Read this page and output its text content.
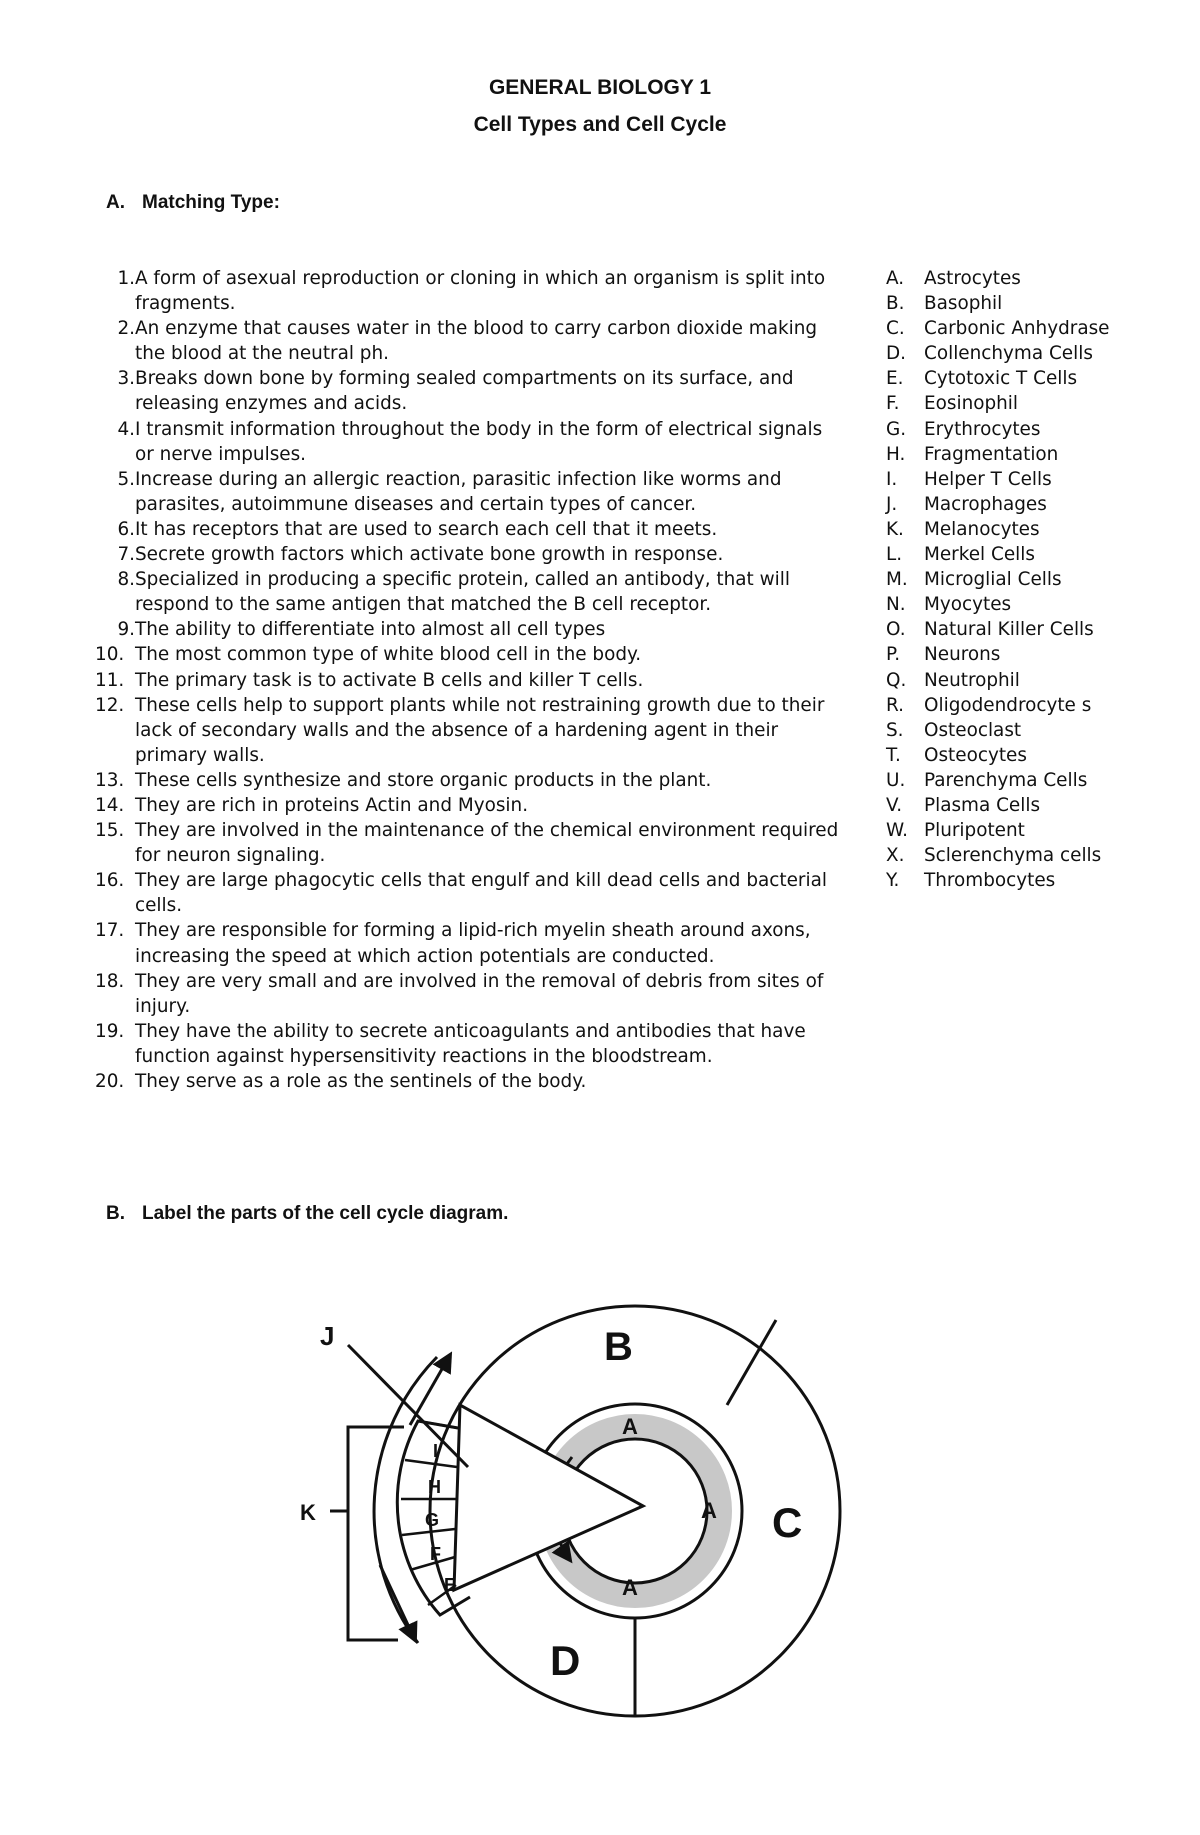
GENERAL BIOLOGY 1
Cell Types and Cell Cycle
A. Matching Type:
1. A form of asexual reproduction or cloning in which an organism is split into fragments.
2. An enzyme that causes water in the blood to carry carbon dioxide making the blood at the neutral ph.
3. Breaks down bone by forming sealed compartments on its surface, and releasing enzymes and acids.
4. I transmit information throughout the body in the form of electrical signals or nerve impulses.
5. Increase during an allergic reaction, parasitic infection like worms and parasites, autoimmune diseases and certain types of cancer.
6. It has receptors that are used to search each cell that it meets.
7. Secrete growth factors which activate bone growth in response.
8. Specialized in producing a specific protein, called an antibody, that will respond to the same antigen that matched the B cell receptor.
9. The ability to differentiate into almost all cell types
10. The most common type of white blood cell in the body.
11. The primary task is to activate B cells and killer T cells.
12. These cells help to support plants while not restraining growth due to their lack of secondary walls and the absence of a hardening agent in their primary walls.
13. These cells synthesize and store organic products in the plant.
14. They are rich in proteins Actin and Myosin.
15. They are involved in the maintenance of the chemical environment required for neuron signaling.
16. They are large phagocytic cells that engulf and kill dead cells and bacterial cells.
17. They are responsible for forming a lipid-rich myelin sheath around axons, increasing the speed at which action potentials are conducted.
18. They are very small and are involved in the removal of debris from sites of injury.
19. They have the ability to secrete anticoagulants and antibodies that have function against hypersensitivity reactions in the bloodstream.
20. They serve as a role as the sentinels of the body.
A.	Astrocytes
B.	Basophil
C.	Carbonic Anhydrase
D. Collenchyma Cells
E.	Cytotoxic T Cells
F.	Eosinophil
G. Erythrocytes
H.	Fragmentation
I.	Helper T Cells
J.	Macrophages
K.	Melanocytes
L.	Merkel Cells
M. Microglial Cells
N. Myocytes
O.	Natural Killer Cells
P.	Neurons
Q. Neutrophil
R.	Oligodendrocyte s
S.	Osteoclast
T.	Osteocytes
U.	Parenchyma Cells
V.	Plasma Cells
W. Pluripotent
X.	Sclerenchyma cells
Y.	Thrombocytes
B. Label the parts of the cell cycle diagram.
B
C
D
J
K
A
A
A
I
H
G
F
E
